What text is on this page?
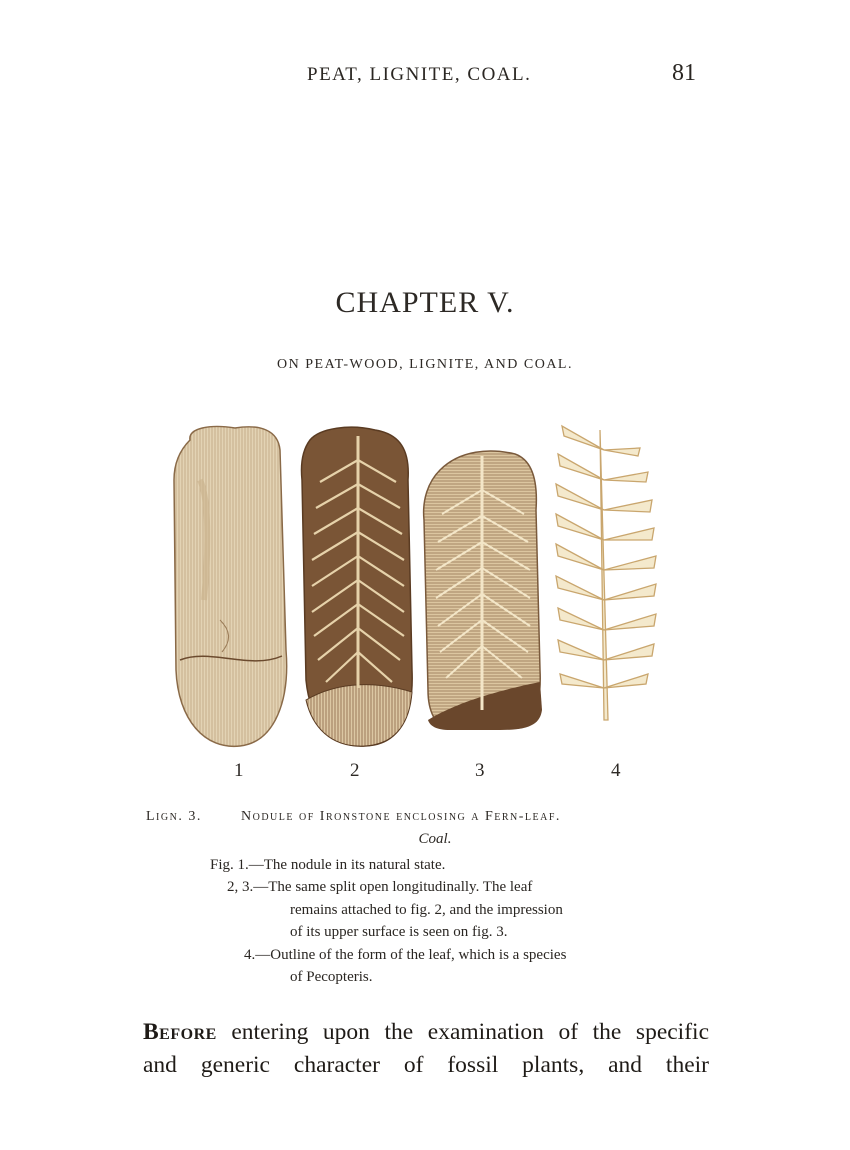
PEAT, LIGNITE, COAL.	81
CHAPTER V.
ON PEAT-WOOD, LIGNITE, AND COAL.
1	2	3	4
Lign. 3.	Nodule of Ironstone enclosing a Fern-leaf.
Coal.
Fig. 1.—The nodule in its natural state.
2, 3.—The same split open longitudinally. The leaf
remains attached to fig. 2, and the impression
of its upper surface is seen on fig. 3.
4.—Outline of the form of the leaf, which is a species
of Pecopteris.
Before entering upon the examination of the specific
and generic character of fossil plants, and their
